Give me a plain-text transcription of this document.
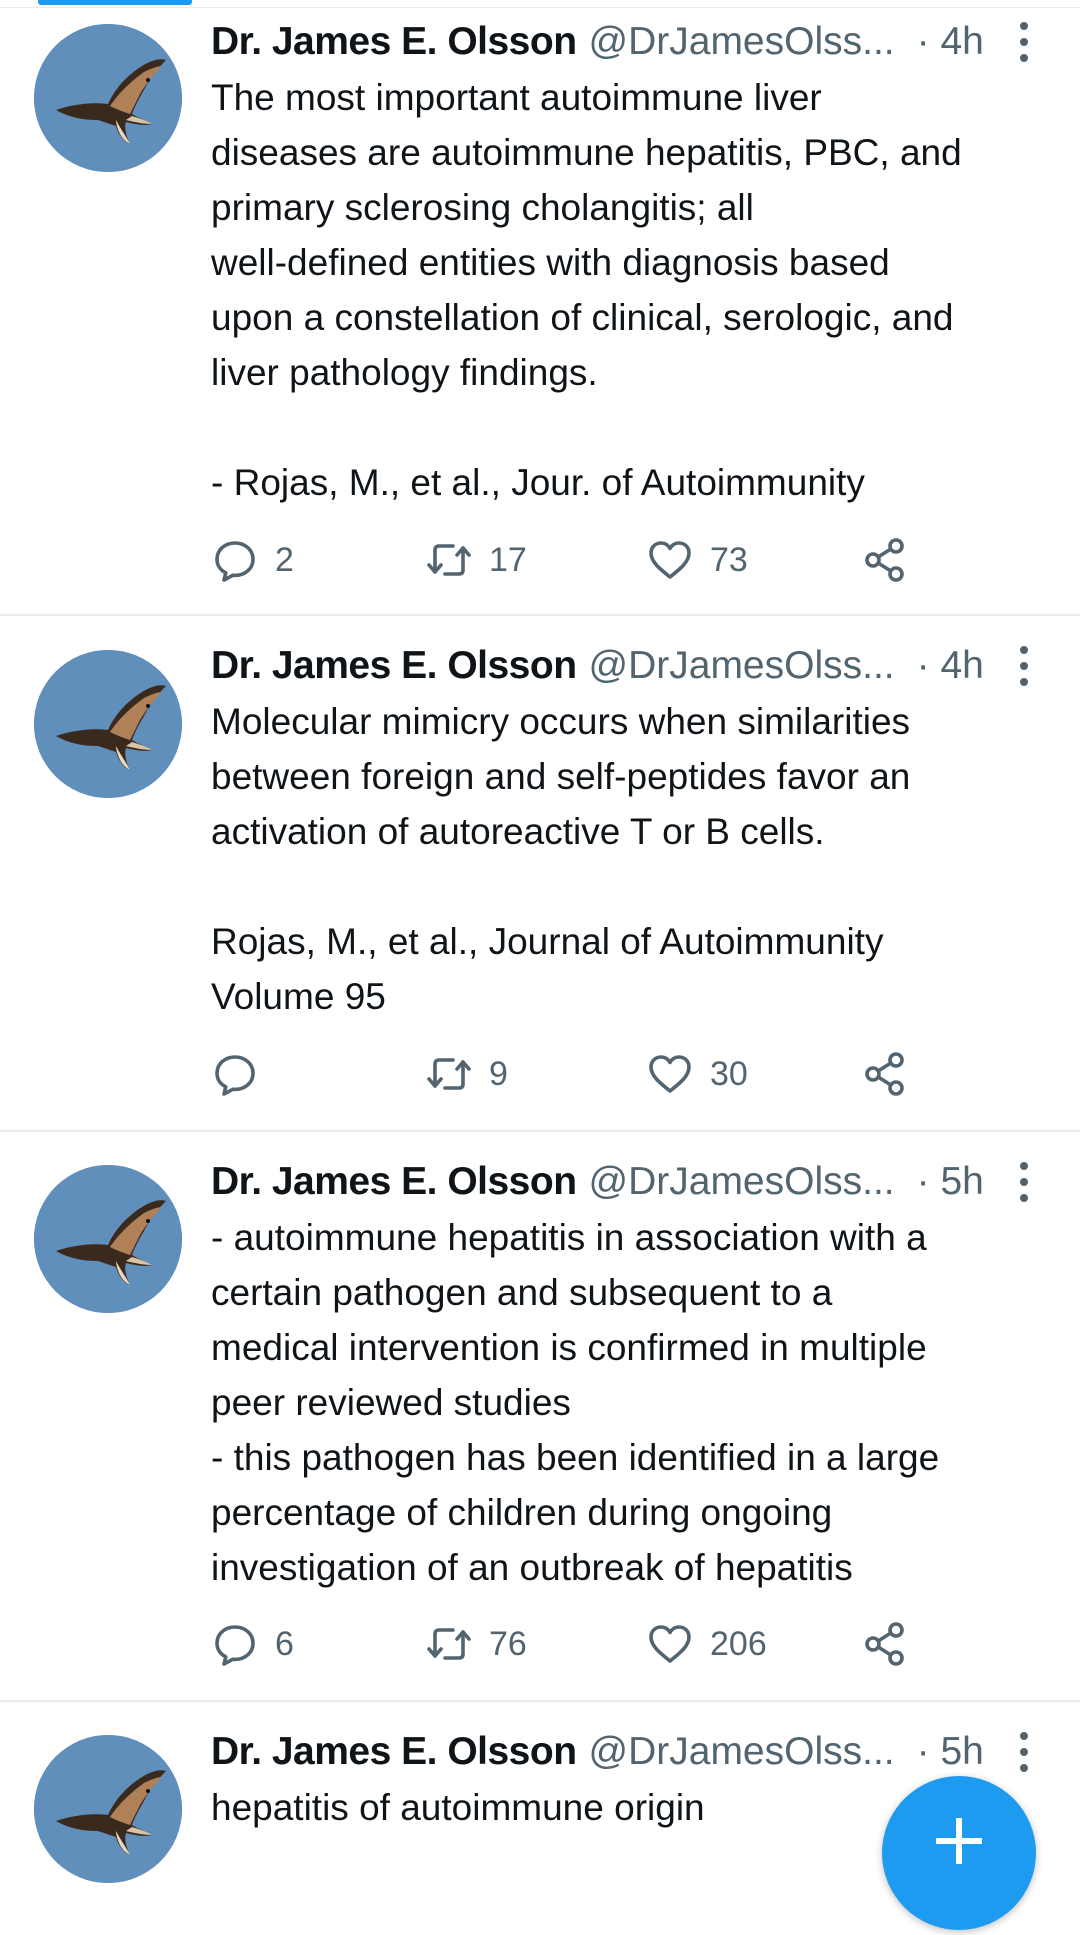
Dr. James E. Olsson @DrJamesOlss... · 4h
The most important autoimmune liver
diseases are autoimmune hepatitis, PBC, and
primary sclerosing cholangitis; all
well-defined entities with diagnosis based
upon a constellation of clinical, serologic, and
liver pathology findings.
- Rojas, M., et al., Jour. of Autoimmunity
2	17	73
Dr. James E. Olsson @DrJamesOlss... · 4h
Molecular mimicry occurs when similarities
between foreign and self-peptides favor an
activation of autoreactive T or B cells.
Rojas, M., et al., Journal of Autoimmunity
Volume 95
9	30
Dr. James E. Olsson @DrJamesOlss... · 5h
- autoimmune hepatitis in association with a
certain pathogen and subsequent to a
medical intervention is confirmed in multiple
peer reviewed studies
- this pathogen has been identified in a large
percentage of children during ongoing
investigation of an outbreak of hepatitis
6	76	206
Dr. James E. Olsson @DrJamesOlss... · 5h
hepatitis of autoimmune origin
